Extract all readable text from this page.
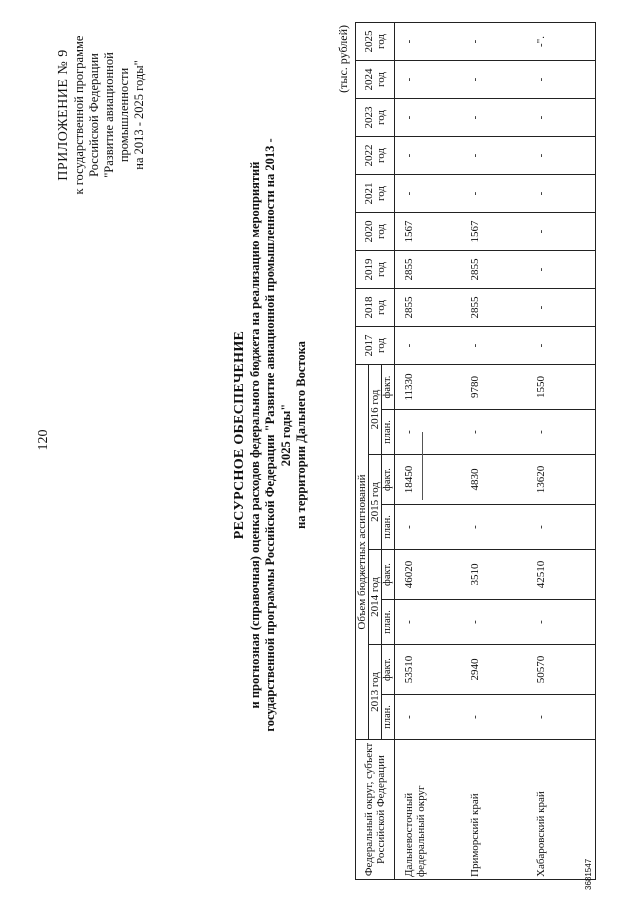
120
ПРИЛОЖЕНИЕ № 9 к государственной программе Российской Федерации "Развитие авиационной промышленности на 2013 - 2025 годы"
РЕСУРСНОЕ ОБЕСПЕЧЕНИЕ и прогнозная (справочная) оценка расходов федерального бюджета на реализацию мероприятий государственной программы Российской Федерации "Развитие авиационной промышленности на 2013 - 2025 годы" на территории Дальнего Востока
(тыс. рублей)
Федеральный округ, субъект Российской Федерации	Объем бюджетных ассигнований								2017 год	2018 год	2019 год	2020 год	2021 год	2022 год	2023 год	2024 год	2025 год
	2013 год		2014 год		2015 год		2016 год										
	план.	факт.	план.	факт.	план.	факт.	план.	факт.									
Дальневосточный федеральный округ	-	53510	-	46020	-	18450	-	11330	-	2855	2855	1567	-	-	-	-	-
Приморский край	-	2940	-	3510	-	4830	-	9780	-	2855	2855	1567	-	-	-	-	-
Хабаровский край	-	50570	-	42510	-	13620	-	1550	-	-	-	-	-	-	-	-	-".
3681547
